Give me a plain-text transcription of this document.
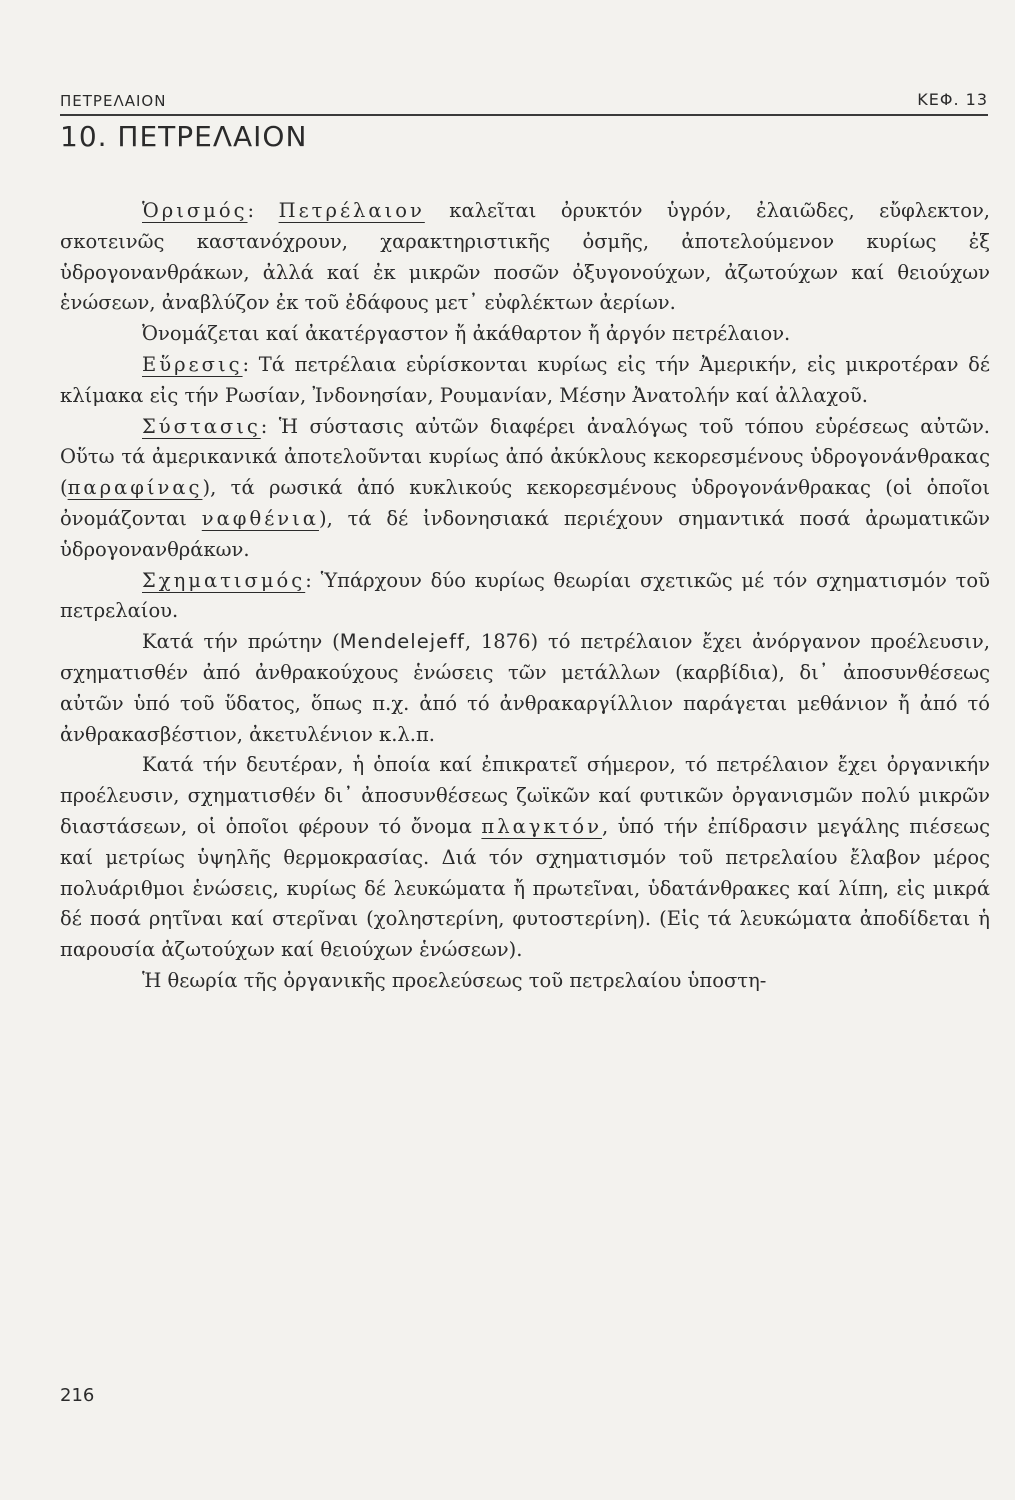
ΠΕΤΡΕΛΑΙΟΝ	ΚΕΦ. 13
10. ΠΕΤΡΕΛΑΙΟΝ

Ὁρισμός: Πετρέλαιον καλεῖται ὀρυκτόν ὑγρόν, ἐλαιῶδες, εὔφλεκτον, σκοτεινῶς καστανόχρουν, χαρακτηριστικῆς ὀσμῆς, ἀποτελούμενον κυρίως ἐξ ὑδρογονανθράκων, ἀλλά καί ἐκ μικρῶν ποσῶν ὀξυγονούχων, ἀζωτούχων καί θειούχων ἑνώσεων, ἀναβλύζον ἐκ τοῦ ἐδάφους μετ᾽ εὐφλέκτων ἀερίων.

Ὀνομάζεται καί ἀκατέργαστον ἤ ἀκάθαρτον ἤ ἀργόν πετρέλαιον.

Εὕρεσις: Τά πετρέλαια εὑρίσκονται κυρίως εἰς τήν Ἀμερικήν, εἰς μικροτέραν δέ κλίμακα εἰς τήν Ρωσίαν, Ἰνδονησίαν, Ρουμανίαν, Μέσην Ἀνατολήν καί ἀλλαχοῦ.

Σύστασις: Ἡ σύστασις αὐτῶν διαφέρει ἀναλόγως τοῦ τόπου εὑρέσεως αὐτῶν. Οὕτω τά ἀμερικανικά ἀποτελοῦνται κυρίως ἀπό ἀκύκλους κεκορεσμένους ὑδρογονάνθρακας (παραφίνας), τά ρωσικά ἀπό κυκλικούς κεκορεσμένους ὑδρογονάνθρακας (οἱ ὁποῖοι ὀνομάζονται ναφθένια), τά δέ ἰνδονησιακά περιέχουν σημαντικά ποσά ἀρωματικῶν ὑδρογονανθράκων.

Σχηματισμός: Ὑπάρχουν δύο κυρίως θεωρίαι σχετικῶς μέ τόν σχηματισμόν τοῦ πετρελαίου.

Κατά τήν πρώτην (Mendelejeff, 1876) τό πετρέλαιον ἔχει ἀνόργανον προέλευσιν, σχηματισθέν ἀπό ἀνθρακούχους ἑνώσεις τῶν μετάλλων (καρβίδια), δι᾽ ἀποσυνθέσεως αὐτῶν ὑπό τοῦ ὕδατος, ὅπως π.χ. ἀπό τό ἀνθρακαργίλλιον παράγεται μεθάνιον ἤ ἀπό τό ἀνθρακασβέστιον, ἀκετυλένιον κ.λ.π.

Κατά τήν δευτέραν, ἡ ὁποία καί ἐπικρατεῖ σήμερον, τό πετρέλαιον ἔχει ὀργανικήν προέλευσιν, σχηματισθέν δι᾽ ἀποσυνθέσεως ζωϊκῶν καί φυτικῶν ὀργανισμῶν πολύ μικρῶν διαστάσεων, οἱ ὁποῖοι φέρουν τό ὄνομα πλαγκτόν, ὑπό τήν ἐπίδρασιν μεγάλης πιέσεως καί μετρίως ὑψηλῆς θερμοκρασίας. Διά τόν σχηματισμόν τοῦ πετρελαίου ἔλαβον μέρος πολυάριθμοι ἑνώσεις, κυρίως δέ λευκώματα ἤ πρωτεῖναι, ὑδατάνθρακες καί λίπη, εἰς μικρά δέ ποσά ρητῖναι καί στερῖναι (χοληστερίνη, φυτοστερίνη). (Εἰς τά λευκώματα ἀποδίδεται ἡ παρουσία ἀζωτούχων καί θειούχων ἑνώσεων).

Ἡ θεωρία τῆς ὀργανικῆς προελεύσεως τοῦ πετρελαίου ὑποστη-

216
